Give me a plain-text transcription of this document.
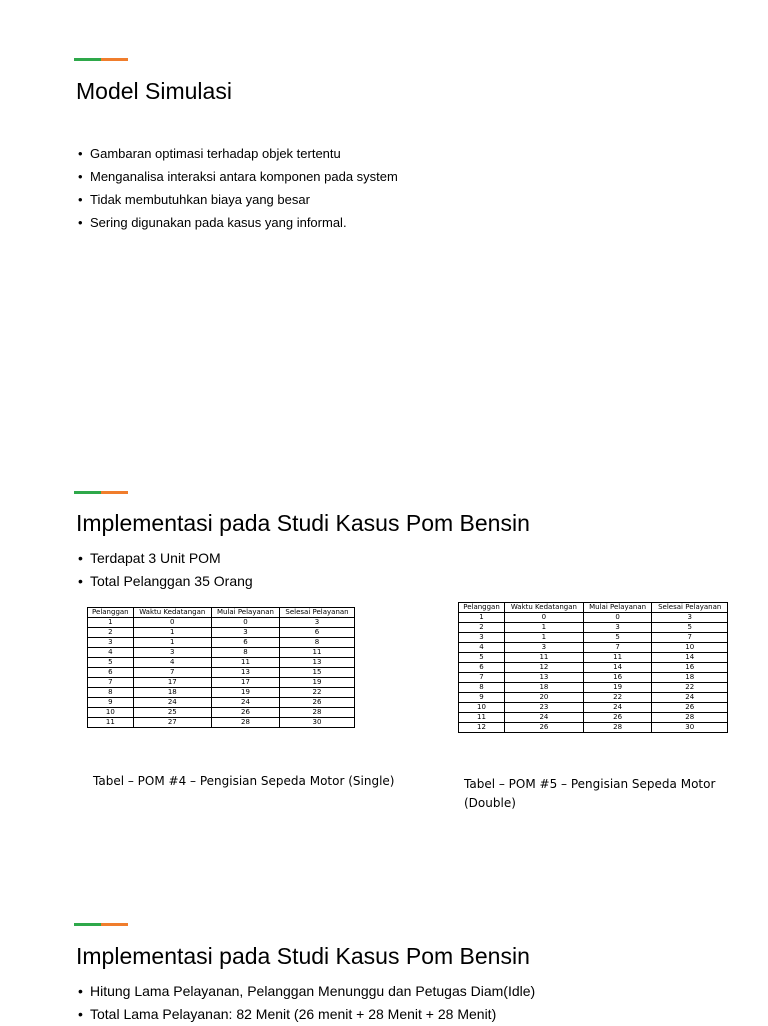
Model Simulasi
• Gambaran optimasi terhadap objek tertentu
• Menganalisa interaksi antara komponen pada system
• Tidak membutuhkan biaya yang besar
• Sering digunakan pada kasus yang informal.
Implementasi pada Studi Kasus Pom Bensin
• Terdapat 3 Unit POM
• Total Pelanggan 35 Orang
Pelanggan	Waktu Kedatangan	Mulai Pelayanan	Selesai Pelayanan
1	0	0	3
2	1	3	6
3	1	6	8
4	3	8	11
5	4	11	13
6	7	13	15
7	17	17	19
8	18	19	22
9	24	24	26
10	25	26	28
11	27	28	30
Tabel – POM #4 – Pengisian Sepeda Motor (Single)
Pelanggan	Waktu Kedatangan	Mulai Pelayanan	Selesai Pelayanan
1	0	0	3
2	1	3	5
3	1	5	7
4	3	7	10
5	11	11	14
6	12	14	16
7	13	16	18
8	18	19	22
9	20	22	24
10	23	24	26
11	24	26	28
12	26	28	30
Tabel – POM #5 – Pengisian Sepeda Motor
(Double)
Implementasi pada Studi Kasus Pom Bensin
• Hitung Lama Pelayanan, Pelanggan Menunggu dan Petugas Diam(Idle)
• Total Lama Pelayanan: 82 Menit (26 menit + 28 Menit + 28 Menit)
